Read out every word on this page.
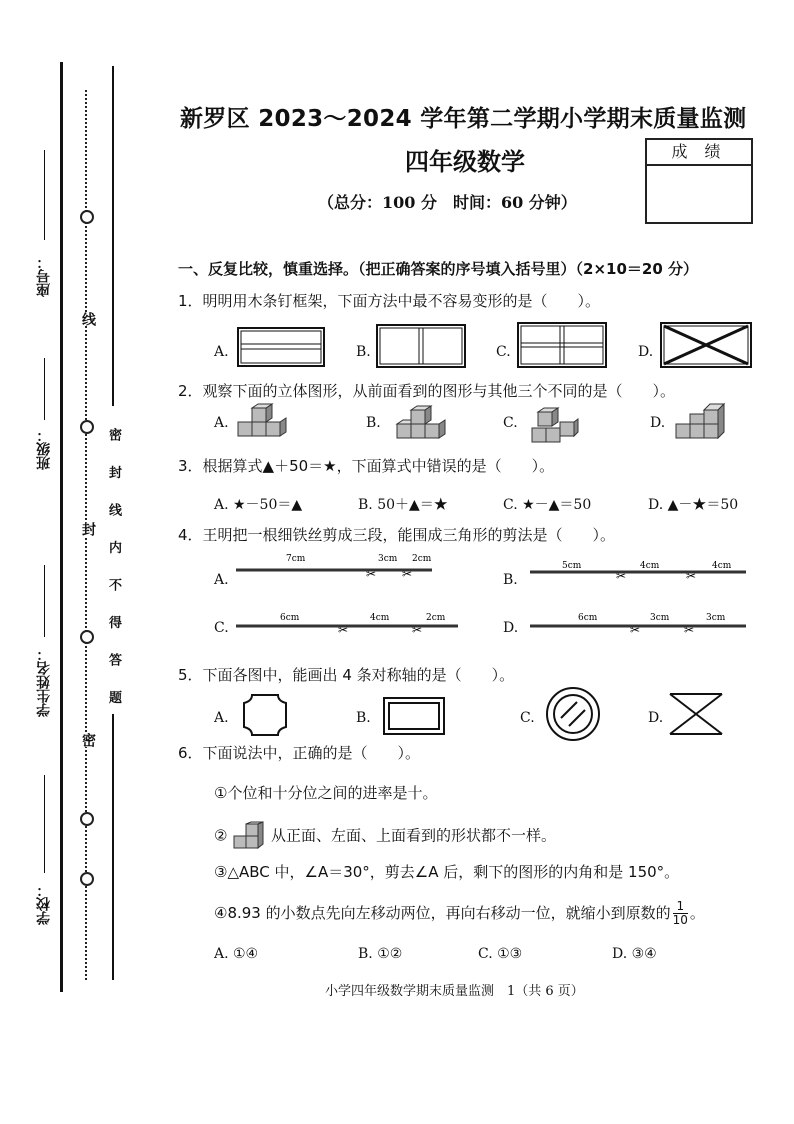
线
封
密
密 封 线 内 不 得 答 题
座号：
班级：
学生姓名：
学校：
新罗区 2023～2024 学年第二学期小学期末质量监测
四年级数学
（总分：100 分　时间：60 分钟）
成 绩
一、反复比较，慎重选择。（把正确答案的序号填入括号里）（2×10＝20 分）
1．明明用木条钉框架，下面方法中最不容易变形的是（　　）。
A.	B.	C.	D.
2．观察下面的立体图形，从前面看到的图形与其他三个不同的是（　　）。
A.	B.	C.	D.
3．根据算式▲＋50＝★，下面算式中错误的是（　　）。
A. ★－50＝▲	B. 50＋▲＝★	C. ★－▲＝50	D. ▲－★＝50
4．王明把一根细铁丝剪成三段，能围成三角形的剪法是（　　）。
A.
7cm	3cm 2cm
✂ ✂	B.
5cm	4cm	4cm
✂	✂
C.
6cm	4cm	2cm
✂	✂	D.
6cm	3cm	3cm
✂	✂
5．下面各图中，能画出 4 条对称轴的是（　　）。
A.	B.	C.	D.
6．下面说法中，正确的是（　　）。
①个位和十分位之间的进率是十。
②	从正面、左面、上面看到的形状都不一样。
③△ABC 中，∠A＝30°，剪去∠A 后，剩下的图形的内角和是 150°。
④8.93 的小数点先向左移动两位，再向右移动一位，就缩小到原数的 $\frac{1}{10}$ 。
A. ①④	B. ①②	C. ①③	D. ③④
小学四年级数学期末质量监测　1（共 6 页）
